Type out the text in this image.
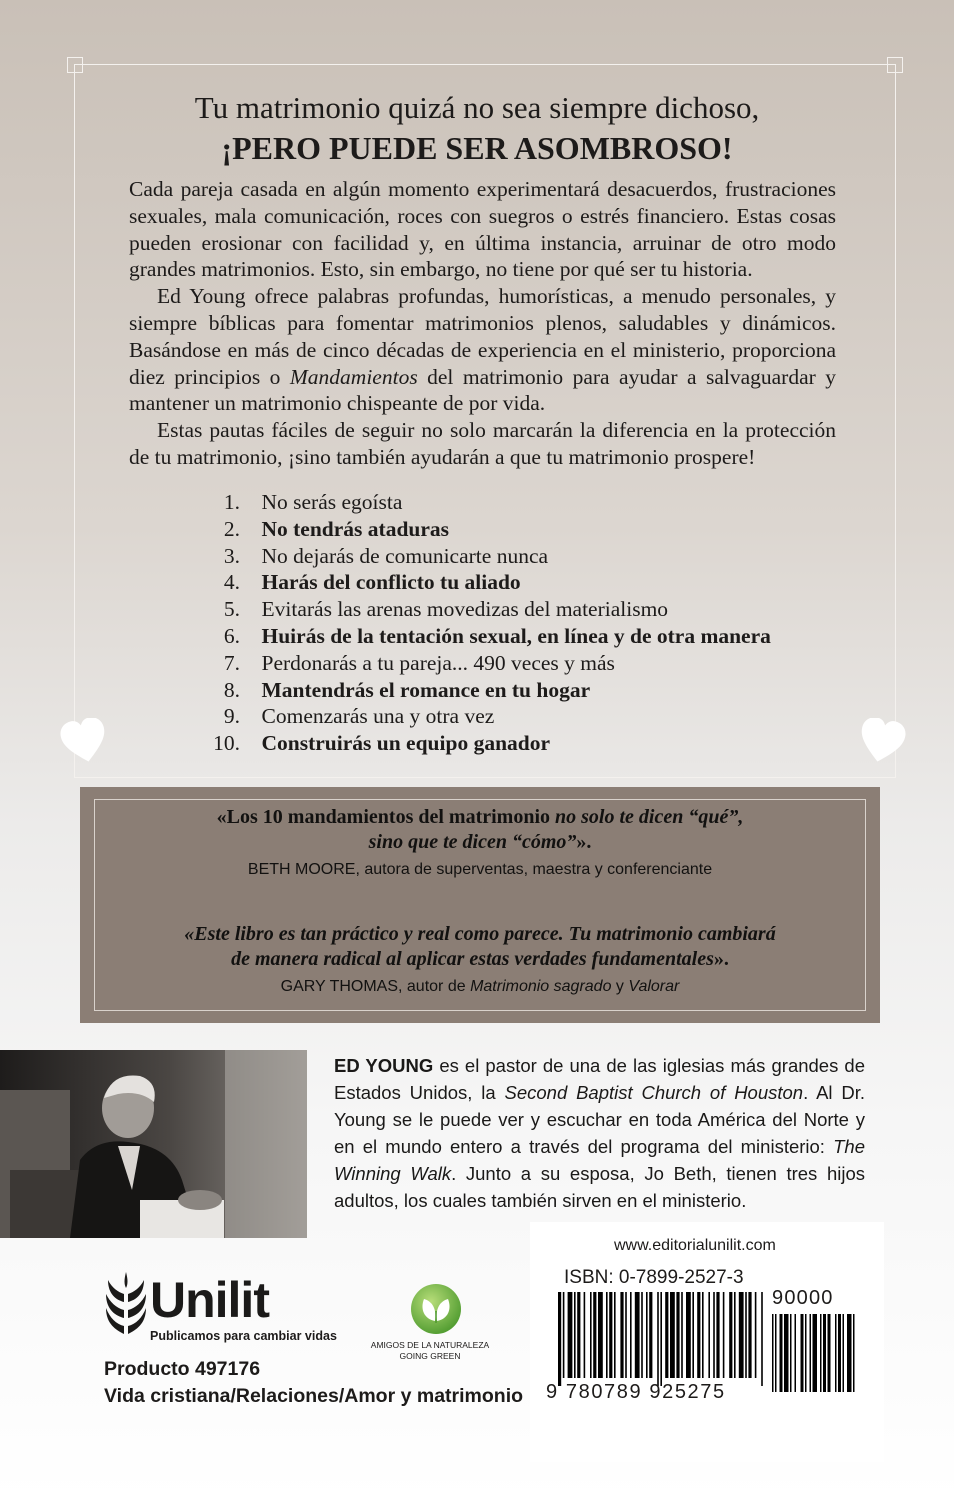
Tu matrimonio quizá no sea siempre dichoso,
¡PERO PUEDE SER ASOMBROSO!

Cada pareja casada en algún momento experimentará desacuerdos, frustraciones sexuales, mala comunicación, roces con suegros o estrés financiero. Estas cosas pueden erosionar con facilidad y, en última instancia, arruinar de otro modo grandes matrimonios. Esto, sin embargo, no tiene por qué ser tu historia.

Ed Young ofrece palabras profundas, humorísticas, a menudo personales, y siempre bíblicas para fomentar matrimonios plenos, saludables y dinámicos. Basándose en más de cinco décadas de experiencia en el ministerio, proporciona diez principios o Mandamientos del matrimonio para ayudar a salvaguardar y mantener un matrimonio chispeante de por vida.

Estas pautas fáciles de seguir no solo marcarán la diferencia en la protección de tu matrimonio, ¡sino también ayudarán a que tu matrimonio prospere!

1.
No serás egoísta
2.
No tendrás ataduras
3.
No dejarás de comunicarte nunca
4.
Harás del conflicto tu aliado
5.
Evitarás las arenas movedizas del materialismo
6.
Huirás de la tentación sexual, en línea y de otra manera
7.
Perdonarás a tu pareja... 490 veces y más
8.
Mantendrás el romance en tu hogar
9.
Comenzarás una y otra vez
10.
Construirás un equipo ganador
«Los 10 mandamientos del matrimonio no solo te dicen “qué”,
sino que te dicen “cómo”».
BETH MOORE, autora de superventas, maestra y conferenciante
«Este libro es tan práctico y real como parece. Tu matrimonio cambiará
de manera radical al aplicar estas verdades fundamentales».
GARY THOMAS, autor de Matrimonio sagrado y Valorar

ED YOUNG es el pastor de una de las iglesias más grandes de Estados Unidos, la Second Baptist Church of Houston. Al Dr. Young se le puede ver y escuchar en toda América del Norte y en el mundo entero a través del programa del ministerio: The Winning Walk. Junto a su esposa, Jo Beth, tienen tres hijos adultos, los cuales también sirven en el ministerio.

www.editorialunilit.com
ISBN: 0-7899-2527-3
9 780789 925275
90000
Unilit
Publicamos para cambiar vidas
AMIGOS DE LA NATURALEZA
GOING GREEN
Producto 497176
Vida cristiana/Relaciones/Amor y matrimonio
